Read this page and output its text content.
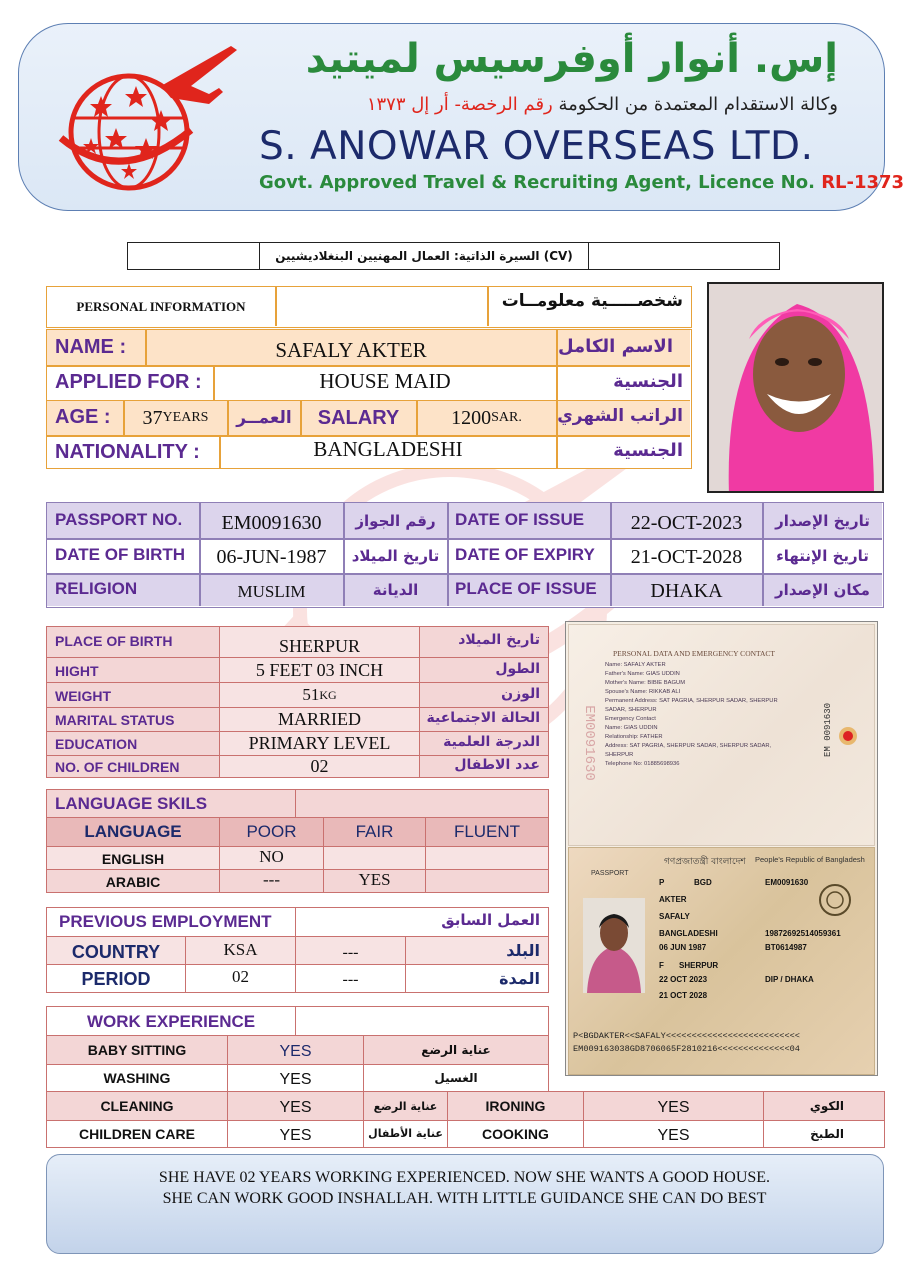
إس. أنوار أوفرسيس لميتيد
وكالة الاستقدام المعتمدة من الحكومة رقم الرخصة- أر إل ١٣٧٣
S. ANOWAR OVERSEAS LTD.
Govt. Approved Travel & Recruiting Agent, Licence No. RL-1373
السيرة الذاتية: العمال المهنيين البنغلاديشيين (CV)
PERSONAL INFORMATION	شخصـــــية معلومــات
NAME :	SAFALY AKTER	الاسم الكامل
APPLIED FOR :	HOUSE MAID	الجنسية
AGE : 37 YEARS	العمــر	SALARY	1200 SAR. الراتب الشهري
NATIONALITY :	BANGLADESHI	الجنسية
PASSPORT NO.	EM0091630	رقم الجواز	DATE OF ISSUE	22-OCT-2023	تاريخ الإصدار
DATE OF BIRTH	06-JUN-1987	تاريخ الميلاد DATE OF EXPIRY	21-OCT-2028	تاريخ الإنتهاء
RELIGION	MUSLIM	الديانة	PLACE OF ISSUE	DHAKA	مكان الإصدار
PLACE OF BIRTH	SHERPUR	تاريخ الميلاد
HIGHT	5 FEET 03 INCH	الطول
WEIGHT	51 KG	الوزن
MARITAL STATUS	MARRIED	الحالة الاجتماعية
EDUCATION	PRIMARY LEVEL	الدرجة العلمية
NO. OF CHILDREN	02	عدد الاطفال
LANGUAGE SKILS
LANGUAGE	POOR	FAIR	FLUENT
ENGLISH	NO
ARABIC	---	YES
PREVIOUS EMPLOYMENT	العمل السابق
COUNTRY	KSA	---	البلد
PERIOD	02	---	المدة
WORK EXPERIENCE
BABY SITTING	YES	عناية الرضع
WASHING	YES	الغسيل
CLEANING	YES	عناية الرضع	IRONING	YES	الكوي
CHILDREN CARE	YES	عناية الأطفال	COOKING	YES	الطبخ
SHE HAVE 02 YEARS WORKING EXPERIENCED. NOW SHE WANTS A GOOD HOUSE.
SHE CAN WORK GOOD INSHALLAH. WITH LITTLE GUIDANCE SHE CAN DO BEST
PERSONAL DATA AND EMERGENCY CONTACT
Name: SAFALY AKTER
Father's Name: GIAS UDDIN
Mother's Name: BIBIE BAGUM
Spouse's Name: RIKKAB ALI
Permanent Address: SAT PAGRIA, SHERPUR SADAR, SHERPUR
SADAR, SHERPUR
Emergency Contact
Name: GIAS UDDIN
Relationship: FATHER
Address: SAT PAGRIA, SHERPUR SADAR, SHERPUR SADAR,
SHERPUR
Telephone No: 01885698936
EM0091630	EM 0091630
গণপ্রজাতন্ত্রী বাংলাদেশ People's Republic of Bangladesh
PASSPORT
P	BGD	EM0091630
AKTER
SAFALY
BANGLADESHI	19872692514059361
06 JUN 1987	BT0614987
F SHERPUR
22 OCT 2023	DIP / DHAKA
21 OCT 2028
P<BGDAKTER<<SAFALY<<<<<<<<<<<<<<<<<<<<<<<<<<
EM009163038GD8706065F2810216<<<<<<<<<<<<<<04
